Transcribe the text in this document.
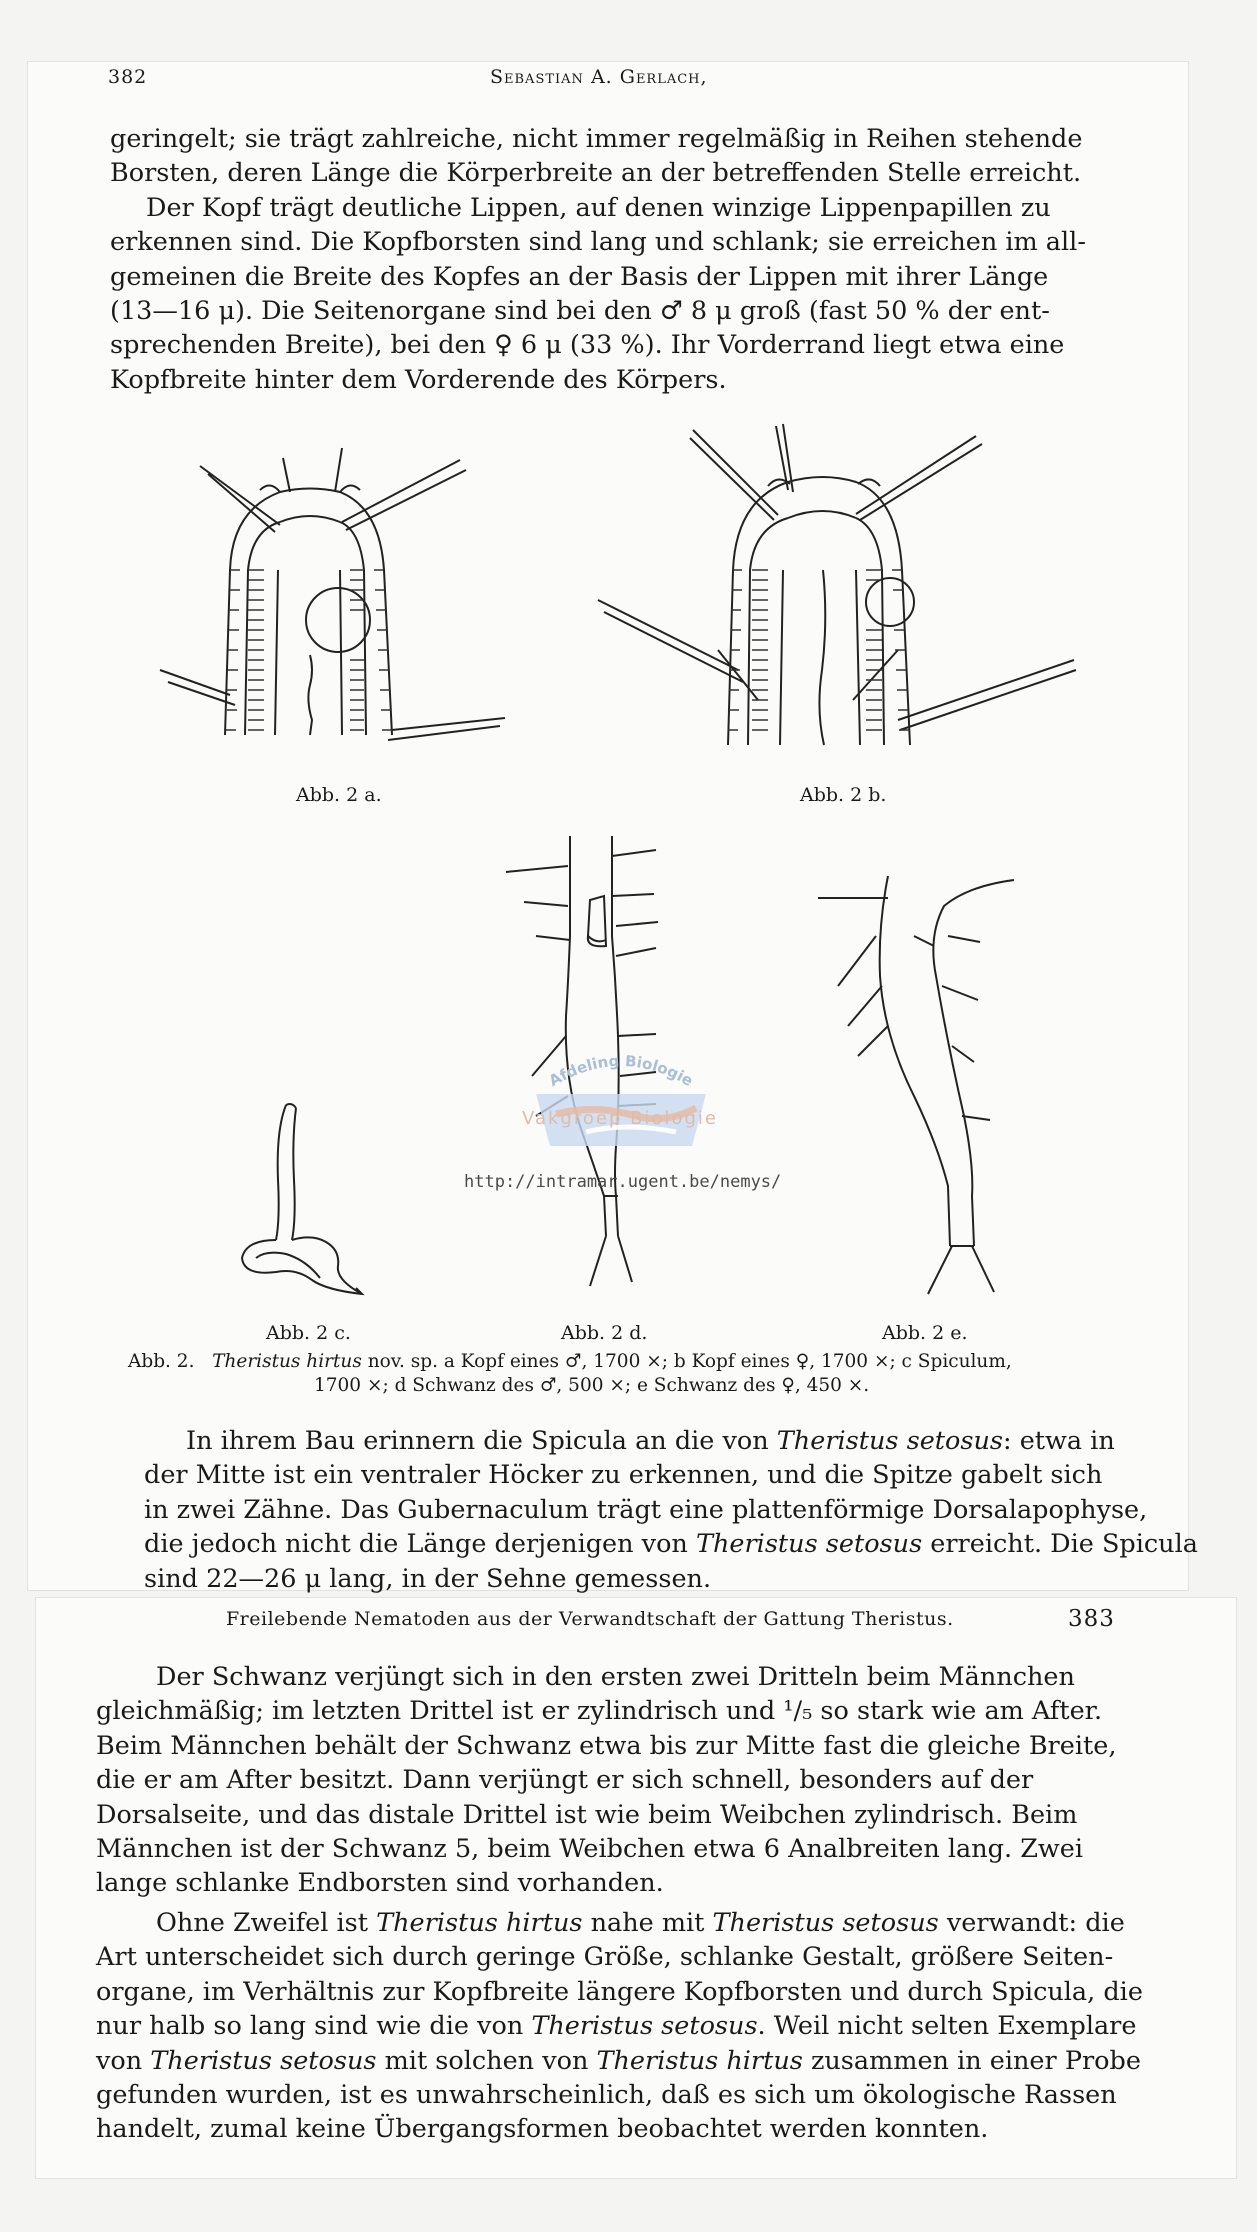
382	Sebastian A. Gerlach,
geringelt; sie trägt zahlreiche, nicht immer regelmäßig in Reihen stehende
Borsten, deren Länge die Körperbreite an der betreffenden Stelle erreicht.
Der Kopf trägt deutliche Lippen, auf denen winzige Lippenpapillen zu
erkennen sind. Die Kopfborsten sind lang und schlank; sie erreichen im all-
gemeinen die Breite des Kopfes an der Basis der Lippen mit ihrer Länge
(13—16 μ). Die Seitenorgane sind bei den ♂ 8 μ groß (fast 50 % der ent-
sprechenden Breite), bei den ♀ 6 μ (33 %). Ihr Vorderrand liegt etwa eine
Kopfbreite hinter dem Vorderende des Körpers.
Abb. 2 a.	Abb. 2 b.
Abb. 2 c.	Abb. 2 d.	Abb. 2 e.
Afdeling Biologie
Vakgroep Biologie
http://intramar.ugent.be/nemys/
Abb. 2. Theristus hirtus nov. sp. a Kopf eines ♂, 1700 ×; b Kopf eines ♀, 1700 ×; c Spiculum,
1700 ×; d Schwanz des ♂, 500 ×; e Schwanz des ♀, 450 ×.
In ihrem Bau erinnern die Spicula an die von Theristus setosus: etwa in
der Mitte ist ein ventraler Höcker zu erkennen, und die Spitze gabelt sich
in zwei Zähne. Das Gubernaculum trägt eine plattenförmige Dorsalapophyse,
die jedoch nicht die Länge derjenigen von Theristus setosus erreicht. Die Spicula
sind 22—26 μ lang, in der Sehne gemessen.
Freilebende Nematoden aus der Verwandtschaft der Gattung Theristus.	383
Der Schwanz verjüngt sich in den ersten zwei Dritteln beim Männchen
gleichmäßig; im letzten Drittel ist er zylindrisch und ¹/₅ so stark wie am After.
Beim Männchen behält der Schwanz etwa bis zur Mitte fast die gleiche Breite,
die er am After besitzt. Dann verjüngt er sich schnell, besonders auf der
Dorsalseite, und das distale Drittel ist wie beim Weibchen zylindrisch. Beim
Männchen ist der Schwanz 5, beim Weibchen etwa 6 Analbreiten lang. Zwei
lange schlanke Endborsten sind vorhanden.
Ohne Zweifel ist Theristus hirtus nahe mit Theristus setosus verwandt: die
Art unterscheidet sich durch geringe Größe, schlanke Gestalt, größere Seiten-
organe, im Verhältnis zur Kopfbreite längere Kopfborsten und durch Spicula, die
nur halb so lang sind wie die von Theristus setosus. Weil nicht selten Exemplare
von Theristus setosus mit solchen von Theristus hirtus zusammen in einer Probe
gefunden wurden, ist es unwahrscheinlich, daß es sich um ökologische Rassen
handelt, zumal keine Übergangsformen beobachtet werden konnten.
